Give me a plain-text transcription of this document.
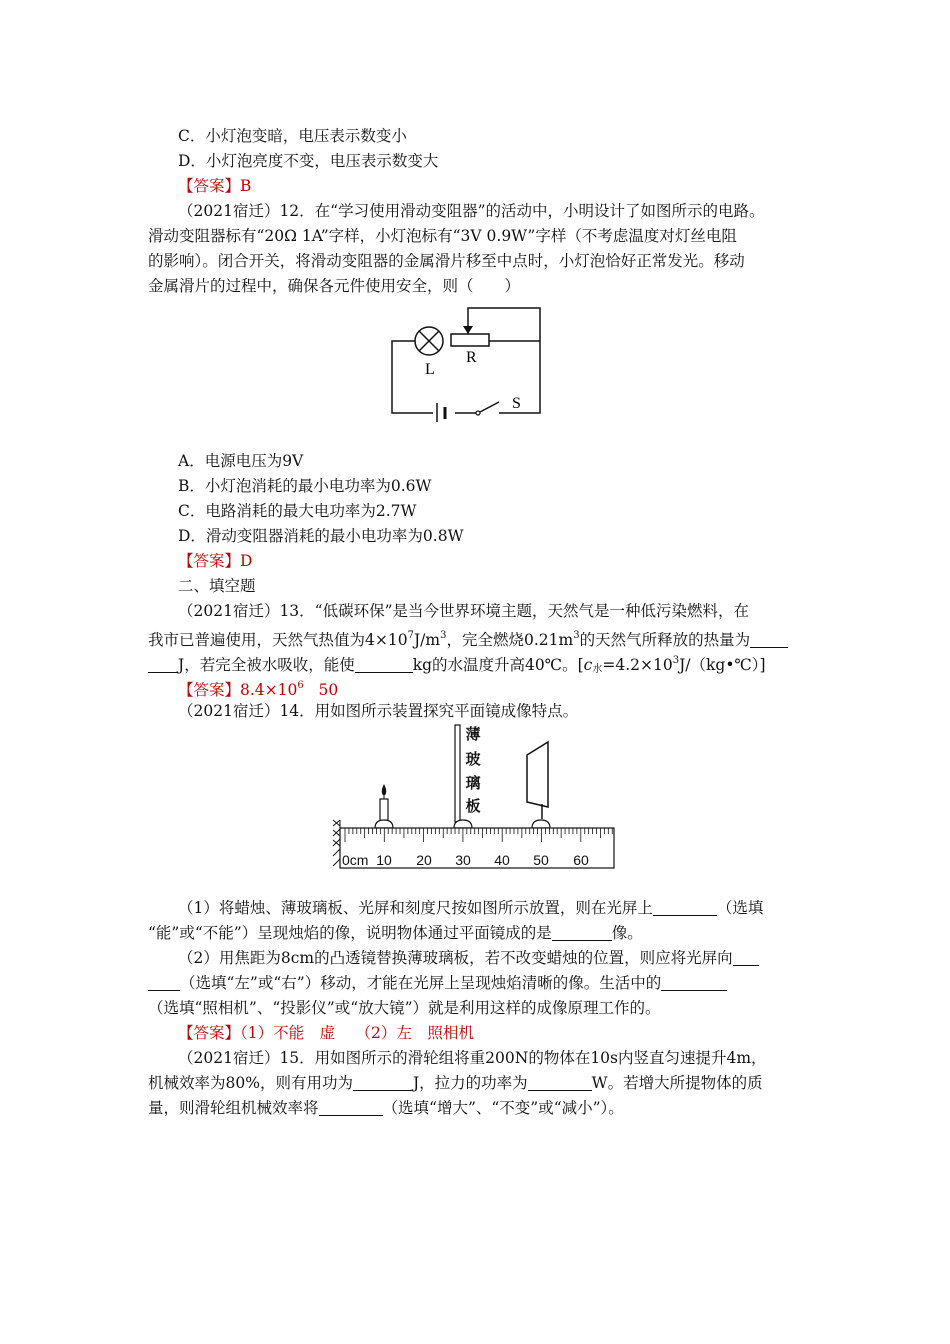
C．小灯泡变暗，电压表示数变小
D．小灯泡亮度不变，电压表示数变大
【答案】B
（2021宿迁）12．在“学习使用滑动变阻器”的活动中，小明设计了如图所示的电路。
滑动变阻器标有“20Ω 1A”字样，小灯泡标有“3V 0.9W”字样（不考虑温度对灯丝电阻
的影响）。闭合开关，将滑动变阻器的金属滑片移至中点时，小灯泡恰好正常发光。移动
金属滑片的过程中，确保各元件使用安全，则（　　）
L
R
S
A．电源电压为9V
B．小灯泡消耗的最小电功率为0.6W
C．电路消耗的最大电功率为2.7W
D．滑动变阻器消耗的最小电功率为0.8W
【答案】D
二、填空题
（2021宿迁）13．“低碳环保”是当今世界环境主题，天然气是一种低污染燃料，在
我市已普遍使用，天然气热值为$4\times 10^7J/m^3$，完全燃烧$0.21m^3$的天然气所释放的热量为
J，若完全被水吸收，能使	kg的水温度升高40℃。$[c_水=4.2\times 10^3J/(kg•℃)]$
【答案】$8.4\times 10^6$ 50
（2021宿迁）14．用如图所示装置探究平面镜成像特点。
薄
玻
璃
板
0cm 10 20 30 40 50 60
（1）将蜡烛、薄玻璃板、光屏和刻度尺按如图所示放置，则在光屏上	（选填
“能”或“不能”）呈现烛焰的像，说明物体通过平面镜成的是	像。
（2）用焦距为8cm的凸透镜替换薄玻璃板，若不改变蜡烛的位置，则应将光屏向
（选填“左”或“右”）移动，才能在光屏上呈现烛焰清晰的像。生活中的
（选填“照相机”、“投影仪”或“放大镜”）就是利用这样的成像原理工作的。
【答案】（1）不能　虚　 （2）左　照相机
（2021宿迁）15．用如图所示的滑轮组将重200N的物体在10s内竖直匀速提升4m，
机械效率为80%，则有用功为	J，拉力的功率为	W。若增大所提物体的质
量，则滑轮组机械效率将	（选填“增大”、“不变”或“减小”）。
